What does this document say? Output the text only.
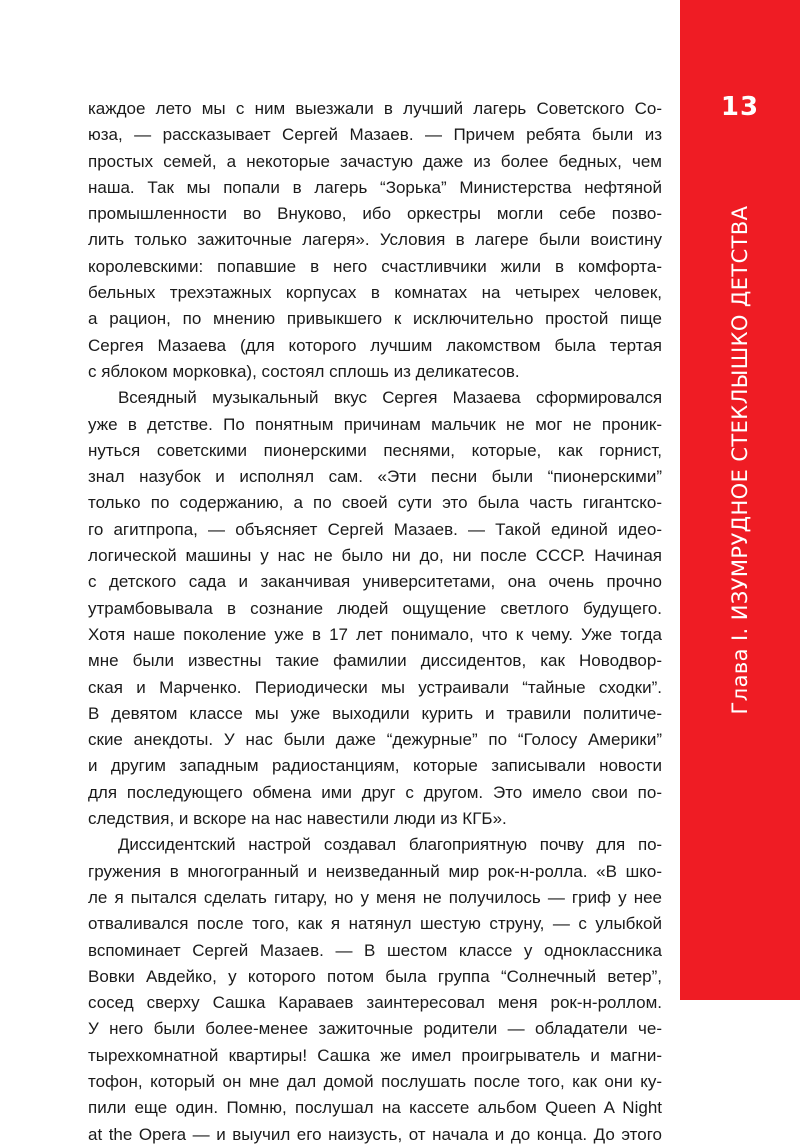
13
Глава I. ИЗУМРУДНОЕ СТЕКЛЫШКО ДЕТСТВА

каждое лето мы с ним выезжали в лучший лагерь Советского Со-
юза, — рассказывает Сергей Мазаев. — Причем ребята были из
простых семей, а некоторые зачастую даже из более бедных, чем
наша. Так мы попали в лагерь “Зорька” Министерства нефтяной
промышленности во Внуково, ибо оркестры могли себе позво-
лить только зажиточные лагеря». Условия в лагере были воистину
королевскими: попавшие в него счастливчики жили в комфорта-
бельных трехэтажных корпусах в комнатах на четырех человек,
а рацион, по мнению привыкшего к исключительно простой пище
Сергея Мазаева (для которого лучшим лакомством была тертая
с яблоком морковка), состоял сплошь из деликатесов.

Всеядный музыкальный вкус Сергея Мазаева сформировался
уже в детстве. По понятным причинам мальчик не мог не проник-
нуться советскими пионерскими песнями, которые, как горнист,
знал назубок и исполнял сам. «Эти песни были “пионерскими”
только по содержанию, а по своей сути это была часть гигантско-
го агитпропа, — объясняет Сергей Мазаев. — Такой единой идео-
логической машины у нас не было ни до, ни после СССР. Начиная
с детского сада и заканчивая университетами, она очень прочно
утрамбовывала в сознание людей ощущение светлого будущего.
Хотя наше поколение уже в 17 лет понимало, что к чему. Уже тогда
мне были известны такие фамилии диссидентов, как Новодвор-
ская и Марченко. Периодически мы устраивали “тайные сходки”.
В девятом классе мы уже выходили курить и травили политиче-
ские анекдоты. У нас были даже “дежурные” по “Голосу Америки”
и другим западным радиостанциям, которые записывали новости
для последующего обмена ими друг с другом. Это имело свои по-
следствия, и вскоре на нас навестили люди из КГБ».

Диссидентский настрой создавал благоприятную почву для по-
гружения в многогранный и неизведанный мир рок-н-ролла. «В шко-
ле я пытался сделать гитару, но у меня не получилось — гриф у нее
отваливался после того, как я натянул шестую струну, — с улыбкой
вспоминает Сергей Мазаев. — В шестом классе у одноклассника
Вовки Авдейко, у которого потом была группа “Солнечный ветер”,
сосед сверху Сашка Караваев заинтересовал меня рок-н-роллом.
У него были более-менее зажиточные родители — обладатели че-
тырехкомнатной квартиры! Сашка же имел проигрыватель и магни-
тофон, который он мне дал домой послушать после того, как они ку-
пили еще один. Помню, послушал на кассете альбом Queen A Night
at the Opera — и выучил его наизусть, от начала и до конца. До этого
